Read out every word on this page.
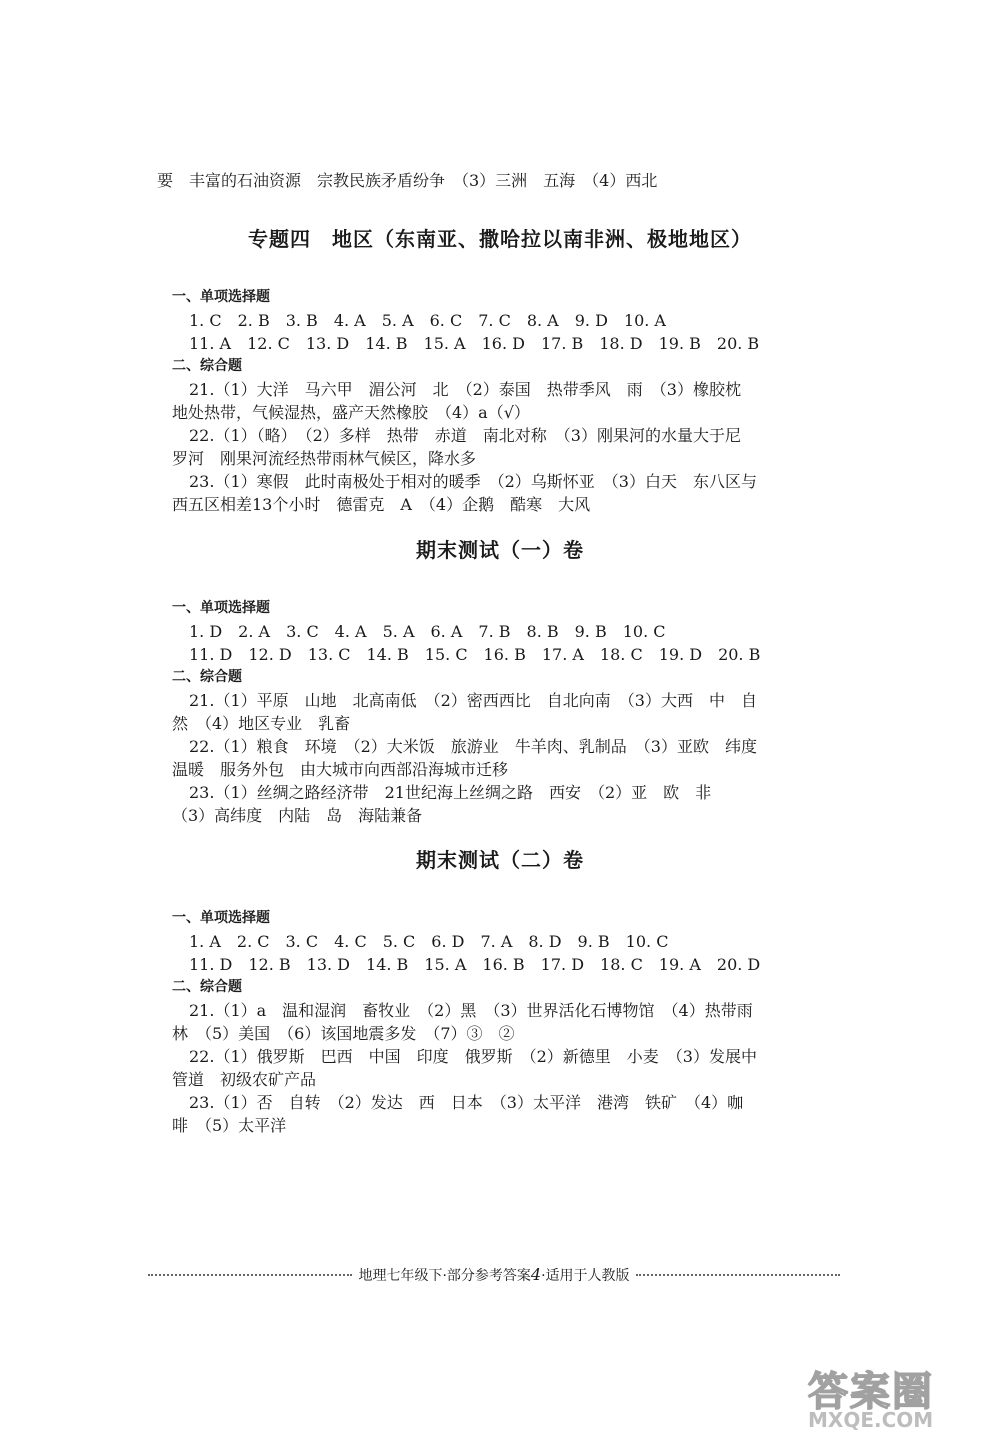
要　丰富的石油资源　宗教民族矛盾纷争　（3）三洲　五海　（4）西北
专题四　地区（东南亚、撒哈拉以南非洲、极地地区）
一、单项选择题
1. C　2. B　3. B　4. A　5. A　6. C　7. C　8. A　9. D　10. A
11. A　12. C　13. D　14. B　15. A　16. D　17. B　18. D　19. B　20. B
二、综合题
21.（1）大洋　马六甲　湄公河　北　（2）泰国　热带季风　雨　（3）橡胶枕
地处热带，气候湿热，盛产天然橡胶　（4）a（√）
22.（1）（略）　（2）多样　热带　赤道　南北对称　（3）刚果河的水量大于尼
罗河　刚果河流经热带雨林气候区，降水多
23.（1）寒假　此时南极处于相对的暖季　（2）乌斯怀亚　（3）白天　东八区与
西五区相差13个小时　德雷克　A　（4）企鹅　酷寒　大风
期末测试（一）卷
一、单项选择题
1. D　2. A　3. C　4. A　5. A　6. A　7. B　8. B　9. B　10. C
11. D　12. D　13. C　14. B　15. C　16. B　17. A　18. C　19. D　20. B
二、综合题
21.（1）平原　山地　北高南低　（2）密西西比　自北向南　（3）大西　中　自
然　（4）地区专业　乳畜
22.（1）粮食　环境　（2）大米饭　旅游业　牛羊肉、乳制品　（3）亚欧　纬度
温暖　服务外包　由大城市向西部沿海城市迁移
23.（1）丝绸之路经济带　21世纪海上丝绸之路　西安　（2）亚　欧　非
（3）高纬度　内陆　岛　海陆兼备
期末测试（二）卷
一、单项选择题
1. A　2. C　3. C　4. C　5. C　6. D　7. A　8. D　9. B　10. C
11. D　12. B　13. D　14. B　15. A　16. B　17. D　18. C　19. A　20. D
二、综合题
21.（1）a　温和湿润　畜牧业　（2）黑　（3）世界活化石博物馆　（4）热带雨
林　（5）美国　（6）该国地震多发　（7）③　②
22.（1）俄罗斯　巴西　中国　印度　俄罗斯　（2）新德里　小麦　（3）发展中
管道　初级农矿产品
23.（1）否　自转　（2）发达　西　日本　（3）太平洋　港湾　铁矿　（4）咖
啡　（5）太平洋
地理七年级下·部分参考答案4·适用于人教版
答案圈
MXQE.COM
